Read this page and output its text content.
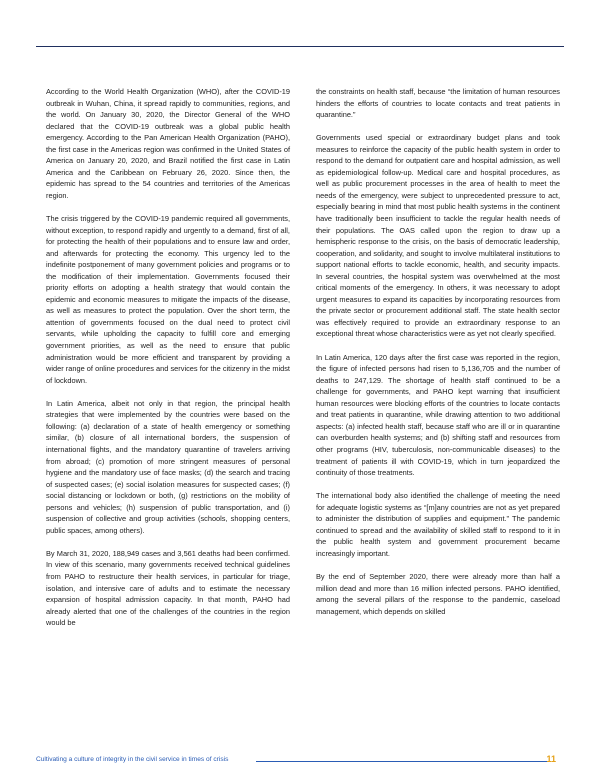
According to the World Health Organization (WHO), after the COVID-19 outbreak in Wuhan, China, it spread rapidly to communities, regions, and the world. On January 30, 2020, the Director General of the WHO declared that the COVID-19 outbreak was a global public health emergency. According to the Pan American Health Organization (PAHO), the first case in the Americas region was confirmed in the United States of America on January 20, 2020, and Brazil notified the first case in Latin America and the Caribbean on February 26, 2020. Since then, the epidemic has spread to the 54 countries and territories of the Americas region.

The crisis triggered by the COVID-19 pandemic required all governments, without exception, to respond rapidly and urgently to a demand, first of all, for protecting the health of their populations and to ensure law and order, and afterwards for protecting the economy. This urgency led to the indefinite postponement of many government policies and programs or to the modification of their implementation. Governments focused their priority efforts on adopting a health strategy that would contain the epidemic and economic measures to mitigate the impacts of the disease, as well as measures to protect the population. Over the short term, the attention of governments focused on the dual need to protect civil servants, while upholding the capacity to fulfill core and emerging government priorities, as well as the need to ensure that public administration would be more efficient and transparent by providing a wider range of online procedures and services for the citizenry in the midst of lockdown.

In Latin America, albeit not only in that region, the principal health strategies that were implemented by the countries were based on the following: (a) declaration of a state of health emergency or something similar, (b) closure of all international borders, the suspension of international flights, and the mandatory quarantine of travelers arriving from abroad; (c) promotion of more stringent measures of personal hygiene and the mandatory use of face masks; (d) the search and tracing of suspected cases; (e) social isolation measures for suspected cases; (f) social distancing or lockdown or both, (g) restrictions on the mobility of persons and vehicles; (h) suspension of public transportation, and (i) suspension of collective and group activities (schools, shopping centers, public spaces, among others).

By March 31, 2020, 188,949 cases and 3,561 deaths had been confirmed. In view of this scenario, many governments received technical guidelines from PAHO to restructure their health services, in particular for triage, isolation, and intensive care of adults and to estimate the necessary expansion of hospital admission capacity. In that month, PAHO had already alerted that one of the challenges of the countries in the region would be

the constraints on health staff, because “the limitation of human resources hinders the efforts of countries to locate contacts and treat patients in quarantine.”

Governments used special or extraordinary budget plans and took measures to reinforce the capacity of the public health system in order to respond to the demand for outpatient care and hospital admission, as well as epidemiological follow-up. Medical care and hospital procedures, as well as public procurement processes in the area of health to meet the needs of the emergency, were subject to unprecedented pressure to act, especially bearing in mind that most public health systems in the continent have traditionally been insufficient to tackle the regular health needs of their populations. The OAS called upon the region to draw up a hemispheric response to the crisis, on the basis of democratic leadership, cooperation, and solidarity, and sought to involve multilateral institutions to support national efforts to tackle economic, health, and security impacts. In several countries, the hospital system was overwhelmed at the most critical moments of the emergency. In others, it was necessary to adopt urgent measures to expand its capacities by incorporating resources from the private sector or procurement additional staff. The state health sector was effectively required to provide an extraordinary response to an exceptional threat whose characteristics were as yet not clearly specified.

In Latin America, 120 days after the first case was reported in the region, the figure of infected persons had risen to 5,136,705 and the number of deaths to 247,129. The shortage of health staff continued to be a challenge for governments, and PAHO kept warning that insufficient human resources were blocking efforts of the countries to locate contacts and treat patients in quarantine, while drawing attention to two additional aspects: (a) infected health staff, because staff who are ill or in quarantine can overburden health systems; and (b) shifting staff and resources from other programs (HIV, tuberculosis, non-communicable diseases) to the treatment of patients ill with COVID-19, which in turn jeopardized the continuity of those treatments.

The international body also identified the challenge of meeting the need for adequate logistic systems as “[m]any countries are not as yet prepared to administer the distribution of supplies and equipment.” The pandemic continued to spread and the availability of skilled staff to respond to it in the public health system and government procurement became increasingly important.

By the end of September 2020, there were already more than half a million dead and more than 16 million infected persons. PAHO identified, among the several pillars of the response to the pandemic, caseload management, which depends on skilled

Cultivating a culture of integrity in the civil service in times of crisis	11
